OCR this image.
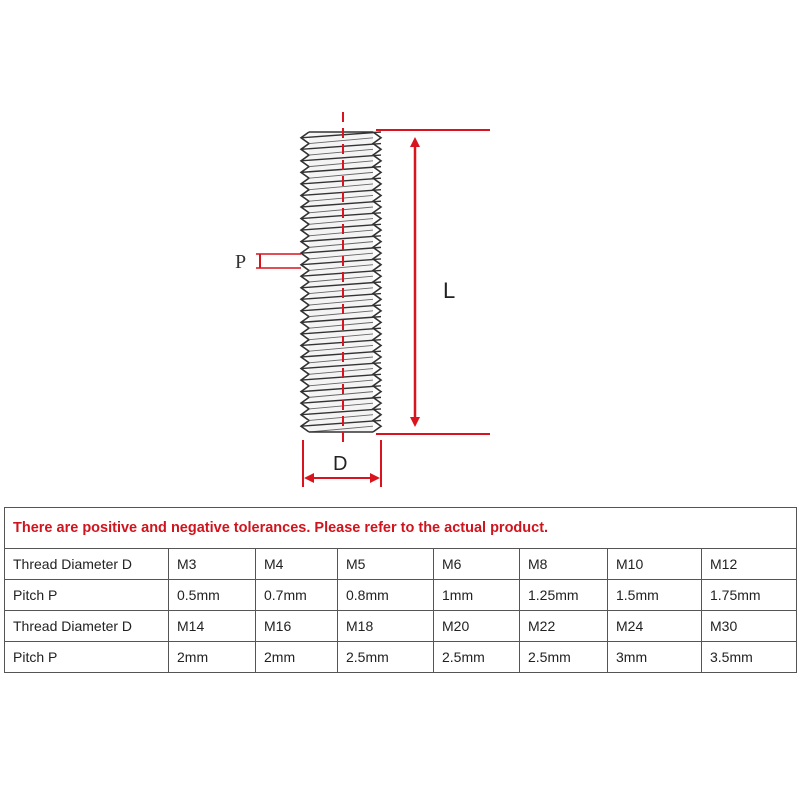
L
D
P
There are positive and negative tolerances. Please refer to the actual product.							
Thread Diameter D	M3	M4	M5	M6	M8	M10	M12
Pitch P	0.5mm	0.7mm	0.8mm	1mm	1.25mm	1.5mm	1.75mm
Thread Diameter D	M14	M16	M18	M20	M22	M24	M30
Pitch P	2mm	2mm	2.5mm	2.5mm	2.5mm	3mm	3.5mm
